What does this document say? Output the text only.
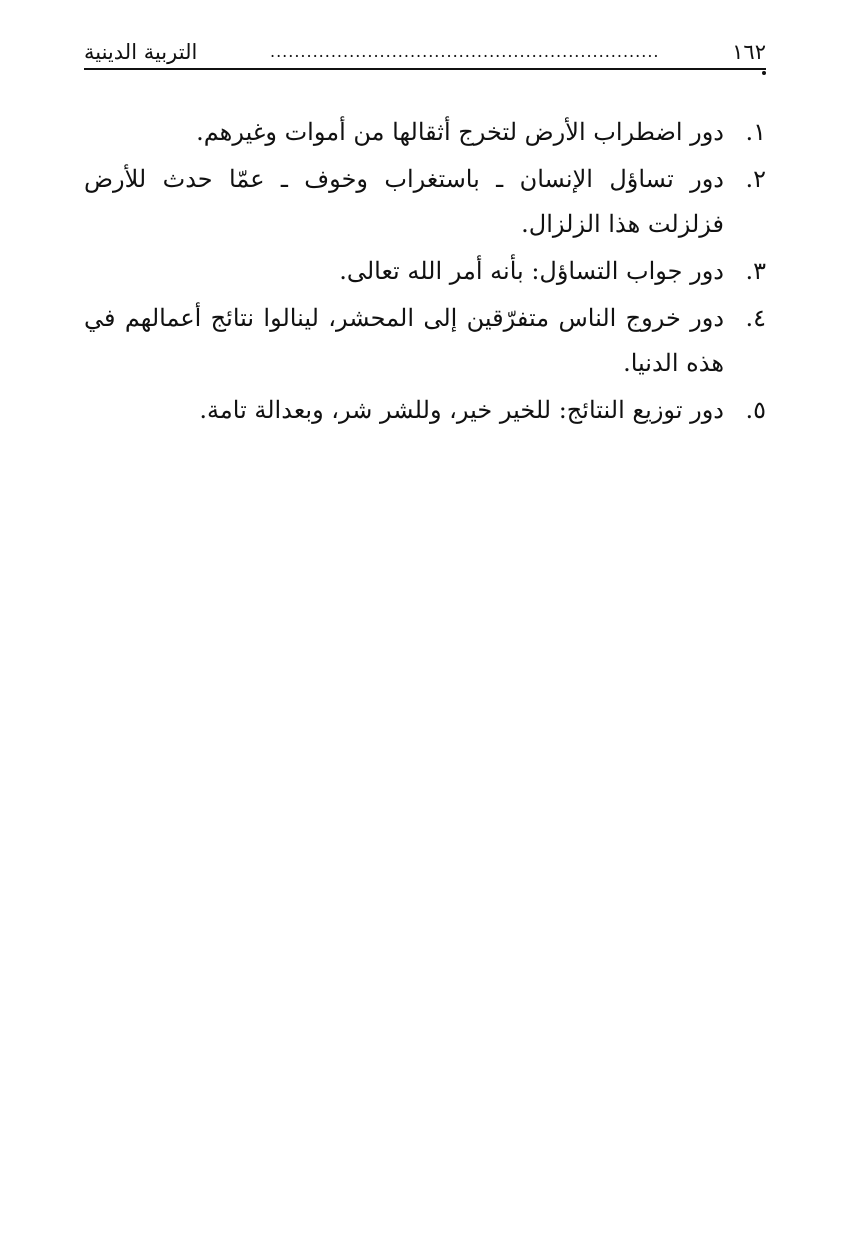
١٦٢
................................................................
التربية الدينية
١.
دور اضطراب الأرض لتخرج أثقالها من أموات وغيرهم.
٢.
دور تساؤل الإنسان ـ باستغراب وخوف ـ عمّا حدث للأرض فزلزلت هذا الزلزال.
٣.
دور جواب التساؤل: بأنه أمر الله تعالى.
٤.
دور خروج الناس متفرّقين إلى المحشر، لينالوا نتائج أعمالهم في هذه الدنيا.
٥.
دور توزيع النتائج: للخير خير، وللشر شر، وبعدالة تامة.
